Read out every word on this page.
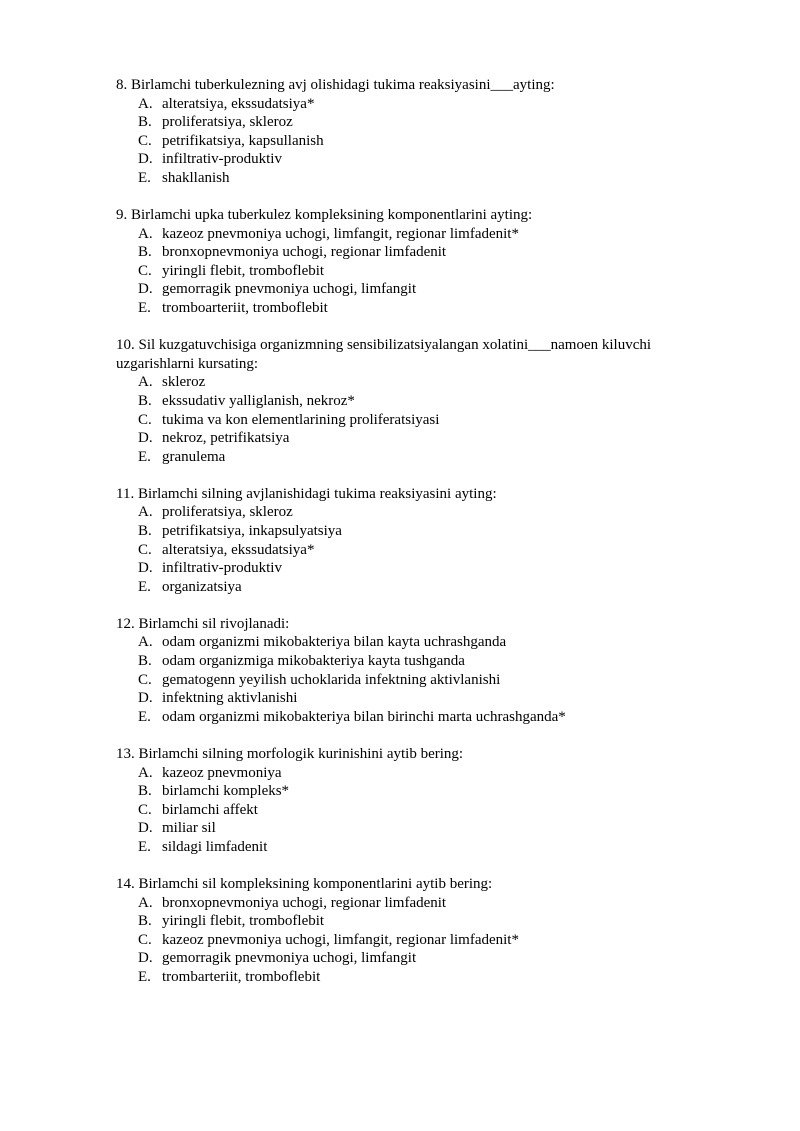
8. Birlamchi tuberkulezning avj olishidagi tukima reaksiyasini___ayting:

A. alteratsiya, ekssudatsiya*
B. proliferatsiya, skleroz
C. petrifikatsiya, kapsullanish
D. infiltrativ-produktiv
E. shakllanish

9. Birlamchi upka tuberkulez kompleksining komponentlarini ayting:

A. kazeoz pnevmoniya uchogi, limfangit, regionar limfadenit*
B. bronxopnevmoniya uchogi, regionar limfadenit
C. yiringli flebit, tromboflebit
D. gemorragik pnevmoniya uchogi, limfangit
E. tromboarteriit, tromboflebit

10. Sil kuzgatuvchisiga organizmning sensibilizatsiyalangan xolatini___namoen kiluvchi uzgarishlarni kursating:

A. skleroz
B. ekssudativ yalliglanish, nekroz*
C. tukima va kon elementlarining proliferatsiyasi
D. nekroz, petrifikatsiya
E. granulema

11. Birlamchi silning avjlanishidagi tukima reaksiyasini ayting:

A. proliferatsiya, skleroz
B. petrifikatsiya, inkapsulyatsiya
C. alteratsiya, ekssudatsiya*
D. infiltrativ-produktiv
E. organizatsiya

12. Birlamchi sil rivojlanadi:

A. odam organizmi mikobakteriya bilan kayta uchrashganda
B. odam organizmiga mikobakteriya kayta tushganda
C. gematogenn yeyilish uchoklarida infektning aktivlanishi
D. infektning aktivlanishi
E. odam organizmi mikobakteriya bilan birinchi marta uchrashganda*

13. Birlamchi silning morfologik kurinishini aytib bering:

A. kazeoz pnevmoniya
B. birlamchi kompleks*
C. birlamchi affekt
D. miliar sil
E. sildagi limfadenit

14. Birlamchi sil kompleksining komponentlarini aytib bering:

A. bronxopnevmoniya uchogi, regionar limfadenit
B. yiringli flebit, tromboflebit
C. kazeoz pnevmoniya uchogi, limfangit, regionar limfadenit*
D. gemorragik pnevmoniya uchogi, limfangit
E. trombarteriit, tromboflebit
